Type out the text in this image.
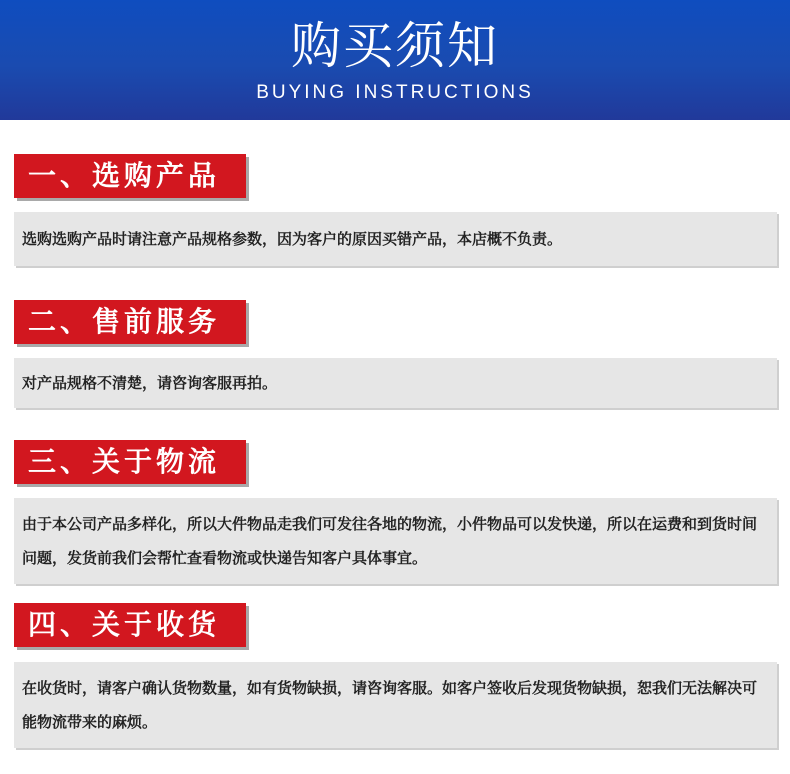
购买须知
BUYING INSTRUCTIONS
一、选购产品
选购选购产品时请注意产品规格参数，因为客户的原因买错产品，本店概不负责。
二、售前服务
对产品规格不清楚，请咨询客服再拍。
三、关于物流
由于本公司产品多样化，所以大件物品走我们可发往各地的物流，小件物品可以发快递，所以在运费和到货时间问题，发货前我们会帮忙查看物流或快递告知客户具体事宜。
四、关于收货
在收货时，请客户确认货物数量，如有货物缺损，请咨询客服。如客户签收后发现货物缺损，恕我们无法解决可能物流带来的麻烦。
